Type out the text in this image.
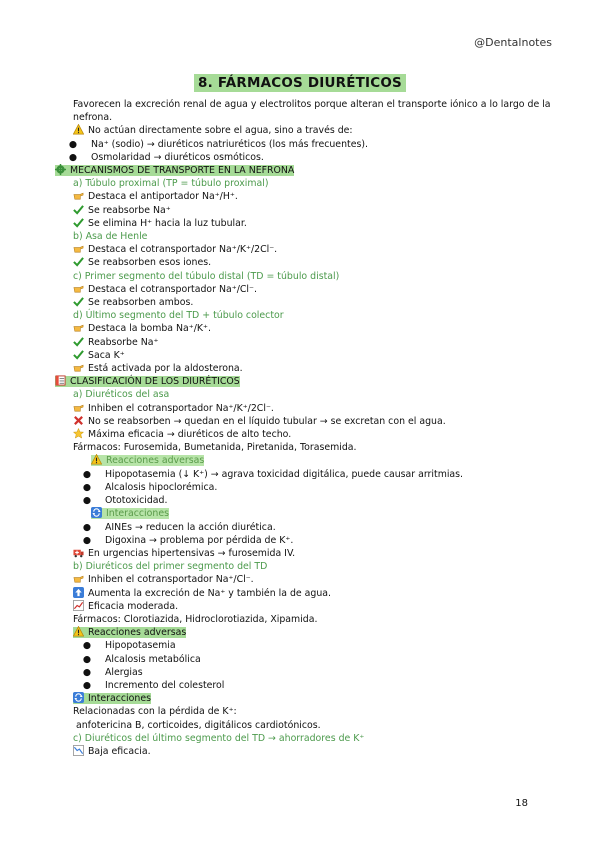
@Dentalnotes
8. FÁRMACOS DIURÉTICOS
Favorecen la excreción renal de agua y electrolitos porque alteran el transporte iónico a lo largo de la nefrona.
No actúan directamente sobre el agua, sino a través de:
● Na⁺ (sodio) → diuréticos natriuréticos (los más frecuentes).
● Osmolaridad → diuréticos osmóticos.
MECANISMOS DE TRANSPORTE EN LA NEFRONA
a) Túbulo proximal (TP = túbulo proximal)
Destaca el antiportador Na⁺/H⁺.
Se reabsorbe Na⁺
Se elimina H⁺ hacia la luz tubular.
b) Asa de Henle
Destaca el cotransportador Na⁺/K⁺/2Cl⁻.
Se reabsorben esos iones.
c) Primer segmento del túbulo distal (TD = túbulo distal)
Destaca el cotransportador Na⁺/Cl⁻.
Se reabsorben ambos.
d) Último segmento del TD + túbulo colector
Destaca la bomba Na⁺/K⁺.
Reabsorbe Na⁺
Saca K⁺
Está activada por la aldosterona.
CLASIFICACIÓN DE LOS DIURÉTICOS
a) Diuréticos del asa
Inhiben el cotransportador Na⁺/K⁺/2Cl⁻.
No se reabsorben → quedan en el líquido tubular → se excretan con el agua.
Máxima eficacia → diuréticos de alto techo.
Fármacos: Furosemida, Bumetanida, Piretanida, Torasemida.
Reacciones adversas
● Hipopotasemia (↓ K⁺) → agrava toxicidad digitálica, puede causar arritmias.
● Alcalosis hipoclorémica.
● Ototoxicidad.
Interacciones
● AINEs → reducen la acción diurética.
● Digoxina → problema por pérdida de K⁺.
En urgencias hipertensivas → furosemida IV.
b) Diuréticos del primer segmento del TD
Inhiben el cotransportador Na⁺/Cl⁻.
Aumenta la excreción de Na⁺ y también la de agua.
Eficacia moderada.
Fármacos: Clorotiazida, Hidroclorotiazida, Xipamida.
Reacciones adversas
● Hipopotasemia
● Alcalosis metabólica
● Alergias
● Incremento del colesterol
Interacciones
Relacionadas con la pérdida de K⁺:
anfotericina B, corticoides, digitálicos cardiotónicos.
c) Diuréticos del último segmento del TD → ahorradores de K⁺
Baja eficacia.
18
